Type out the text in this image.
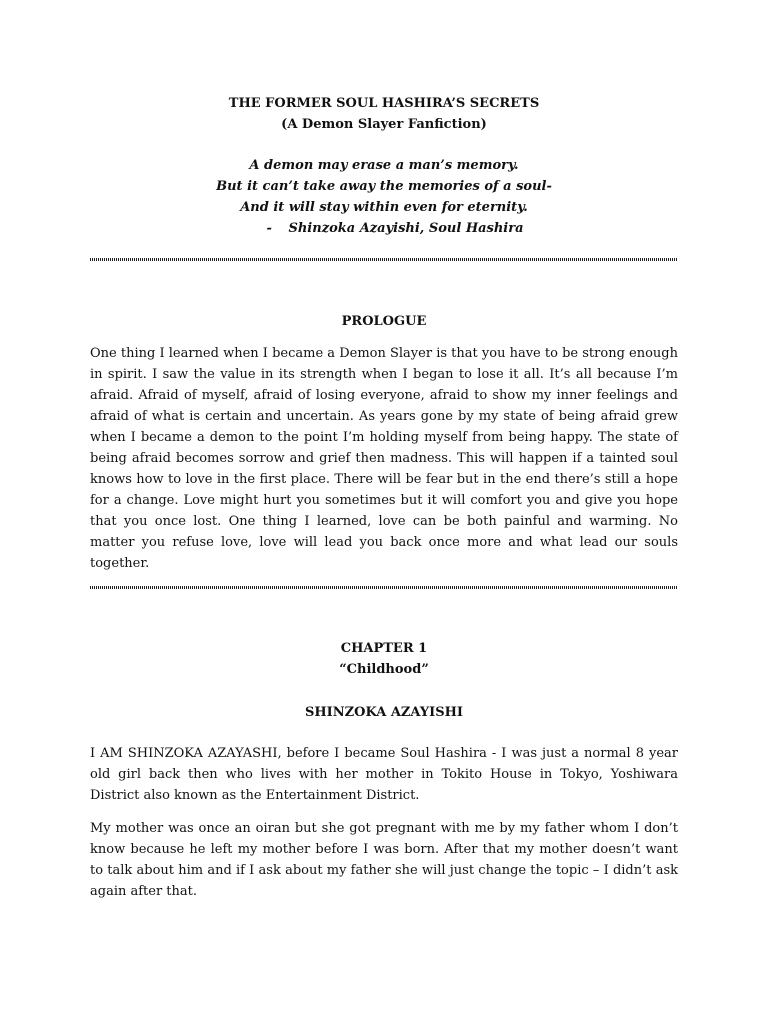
THE FORMER SOUL HASHIRA’S SECRETS
(A Demon Slayer Fanfiction)
A demon may erase a man’s memory.
But it can’t take away the memories of a soul-
And it will stay within even for eternity.
- Shinzoka Azayishi, Soul Hashira
PROLOGUE

One thing I learned when I became a Demon Slayer is that you have to be strong enough in spirit. I saw the value in its strength when I began to lose it all. It’s all because I’m afraid. Afraid of myself, afraid of losing everyone, afraid to show my inner feelings and afraid of what is certain and uncertain. As years gone by my state of being afraid grew when I became a demon to the point I’m holding myself from being happy. The state of being afraid becomes sorrow and grief then madness. This will happen if a tainted soul knows how to love in the first place. There will be fear but in the end there’s still a hope for a change. Love might hurt you sometimes but it will comfort you and give you hope that you once lost. One thing I learned, love can be both painful and warming. No matter you refuse love, love will lead you back once more and what lead our souls together.

CHAPTER 1
“Childhood”
SHINZOKA AZAYISHI

I AM SHINZOKA AZAYASHI, before I became Soul Hashira - I was just a normal 8 year old girl back then who lives with her mother in Tokito House in Tokyo, Yoshiwara District also known as the Entertainment District.

My mother was once an oiran but she got pregnant with me by my father whom I don’t know because he left my mother before I was born. After that my mother doesn’t want to talk about him and if I ask about my father she will just change the topic – I didn’t ask again after that.
